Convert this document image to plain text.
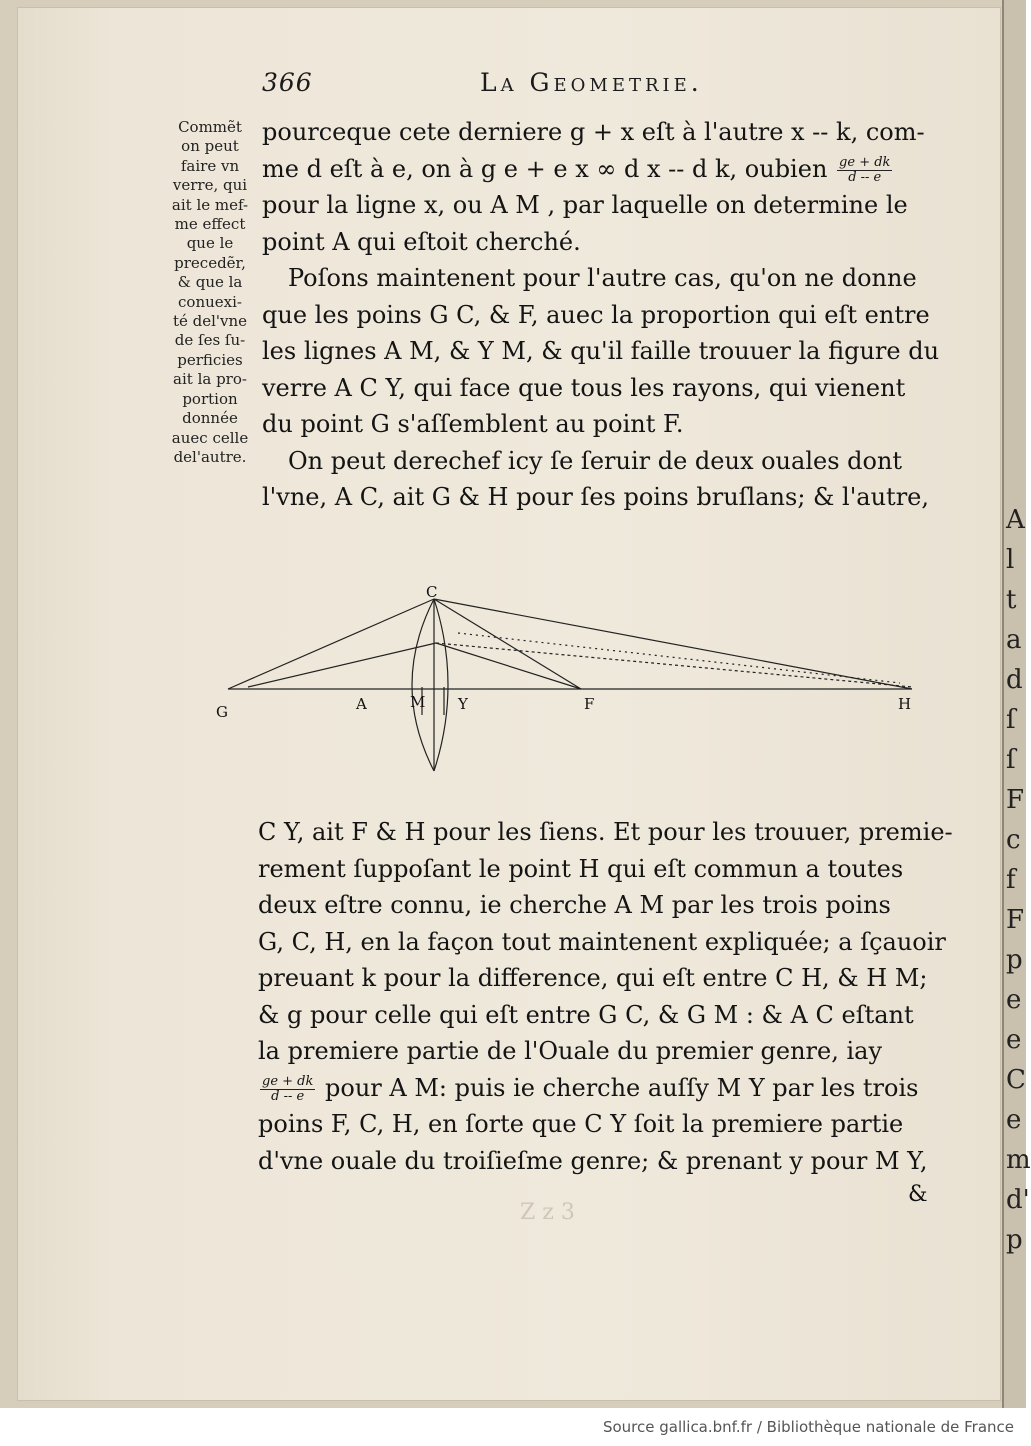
A
l
t
a
d
ſ
ſ
F
c
f
F
p
e
e
C
e
m
d'
p
366	La Geometrie.
Commẽt
on peut
faire vn
verre, qui
ait le mef-
me effect
que le
precedẽr,
& que la
conuexi-
té del'vne
de ſes ſu-
perficies
ait la pro-
portion
donnée
auec celle
del'autre.
pourceque cete derniere g + x eſt à l'autre x -- k, com-
me d eſt à e, on à g e + e x ∞ d x -- d k, oubien $\frac{ge + dk}{d -- e}$
pour la ligne x, ou A M , par laquelle on determine le
point A qui eſtoit cherché.
Poſons maintenent pour l'autre cas, qu'on ne donne
que les poins G C, & F, auec la proportion qui eſt entre
les lignes A M, & Y M, & qu'il faille trouuer la figure du
verre A C Y, qui face que tous les rayons, qui vienent
du point G s'aſſemblent au point F.
On peut derechef icy ſe ſeruir de deux ouales dont
l'vne, A C, ait G & H pour ſes poins bruſlans; & l'autre,
C
G	A	M Y	F	H
C Y, ait F & H pour les ſiens. Et pour les trouuer, premie-
rement ſuppoſant le point H qui eſt commun a toutes
deux eſtre connu, ie cherche A M par les trois poins
G, C, H, en la façon tout maintenent expliquée; a ſçauoir
preuant k pour la difference, qui eſt entre C H, & H M;
& g pour celle qui eſt entre G C, & G M : & A C eſtant
la premiere partie de l'Ouale du premier genre, iay
$\frac{ge + dk}{d -- e}$ pour A M: puis ie cherche auſſy M Y par les trois
poins F, C, H, en ſorte que C Y ſoit la premiere partie
d'vne ouale du troiſieſme genre; & prenant y pour M Y,
&
Z z 3
Source gallica.bnf.fr / Bibliothèque nationale de France
